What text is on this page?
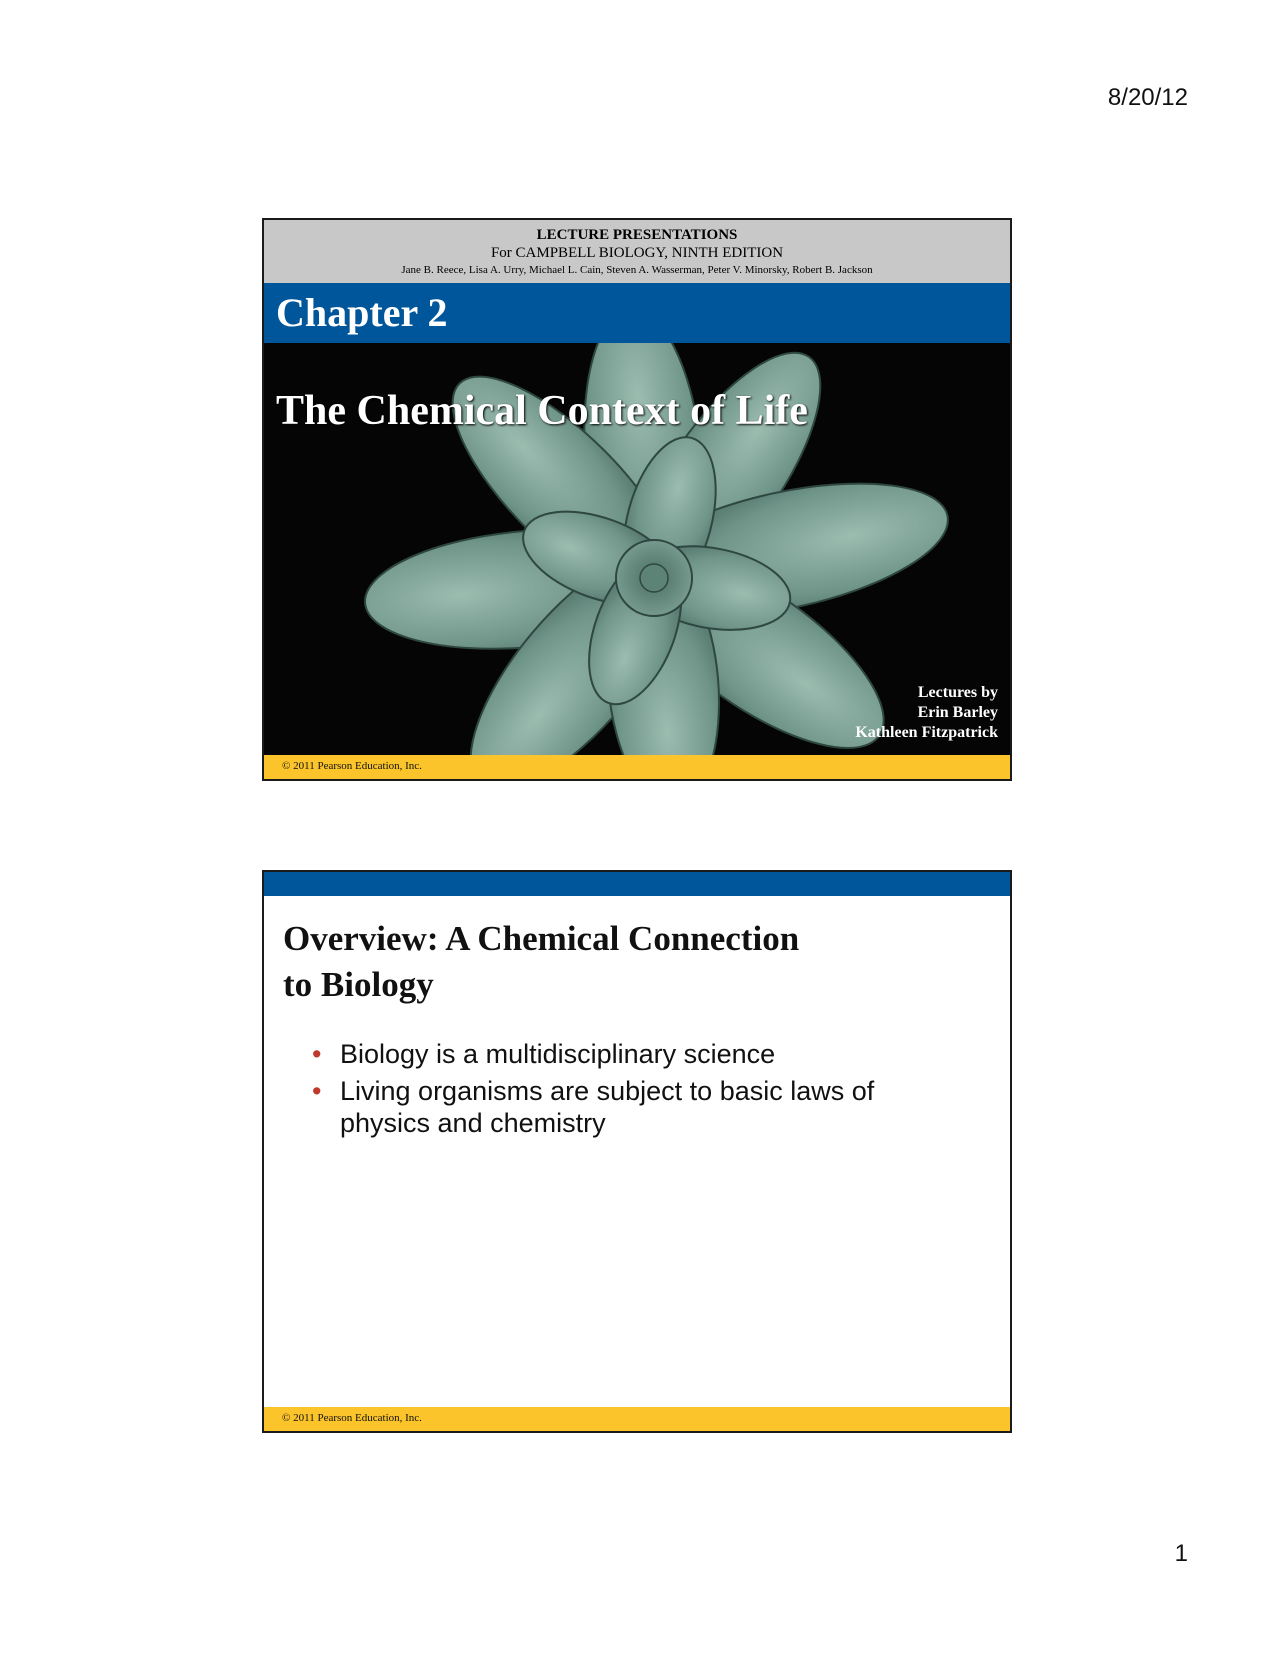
8/20/12
LECTURE PRESENTATIONS
For CAMPBELL BIOLOGY, NINTH EDITION
Jane B. Reece, Lisa A. Urry, Michael L. Cain, Steven A. Wasserman, Peter V. Minorsky, Robert B. Jackson
Chapter 2
The Chemical Context of Life
Lectures by
Erin Barley
Kathleen Fitzpatrick
© 2011 Pearson Education, Inc.
Overview: A Chemical Connection
to Biology
• Biology is a multidisciplinary science
• Living organisms are subject to basic laws of physics and chemistry
© 2011 Pearson Education, Inc.
1
